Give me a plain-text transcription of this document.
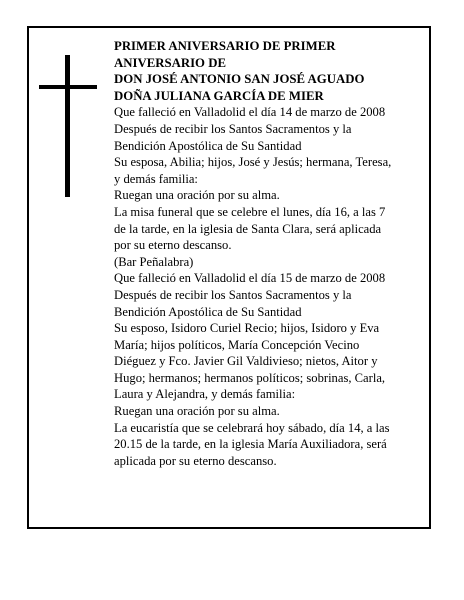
PRIMER ANIVERSARIO DE PRIMER
ANIVERSARIO DE
DON JOSÉ ANTONIO SAN JOSÉ AGUADO
DOÑA JULIANA GARCÍA DE MIER
Que falleció en Valladolid el día 14 de marzo de 2008
Después de recibir los Santos Sacramentos y la
Bendición Apostólica de Su Santidad
Su esposa, Abilia; hijos, José y Jesús; hermana, Teresa,
y demás familia:
Ruegan una oración por su alma.
La misa funeral que se celebre el lunes, día 16, a las 7
de la tarde, en la iglesia de Santa Clara, será aplicada
por su eterno descanso.
(Bar Peñalabra)
Que falleció en Valladolid el día 15 de marzo de 2008
Después de recibir los Santos Sacramentos y la
Bendición Apostólica de Su Santidad
Su esposo, Isidoro Curiel Recio; hijos, Isidoro y Eva
María; hijos políticos, María Concepción Vecino
Diéguez y Fco. Javier Gil Valdivieso; nietos, Aitor y
Hugo; hermanos; hermanos políticos; sobrinas, Carla,
Laura y Alejandra, y demás familia:
Ruegan una oración por su alma.
La eucaristía que se celebrará hoy sábado, día 14, a las
20.15 de la tarde, en la iglesia María Auxiliadora, será
aplicada por su eterno descanso.
